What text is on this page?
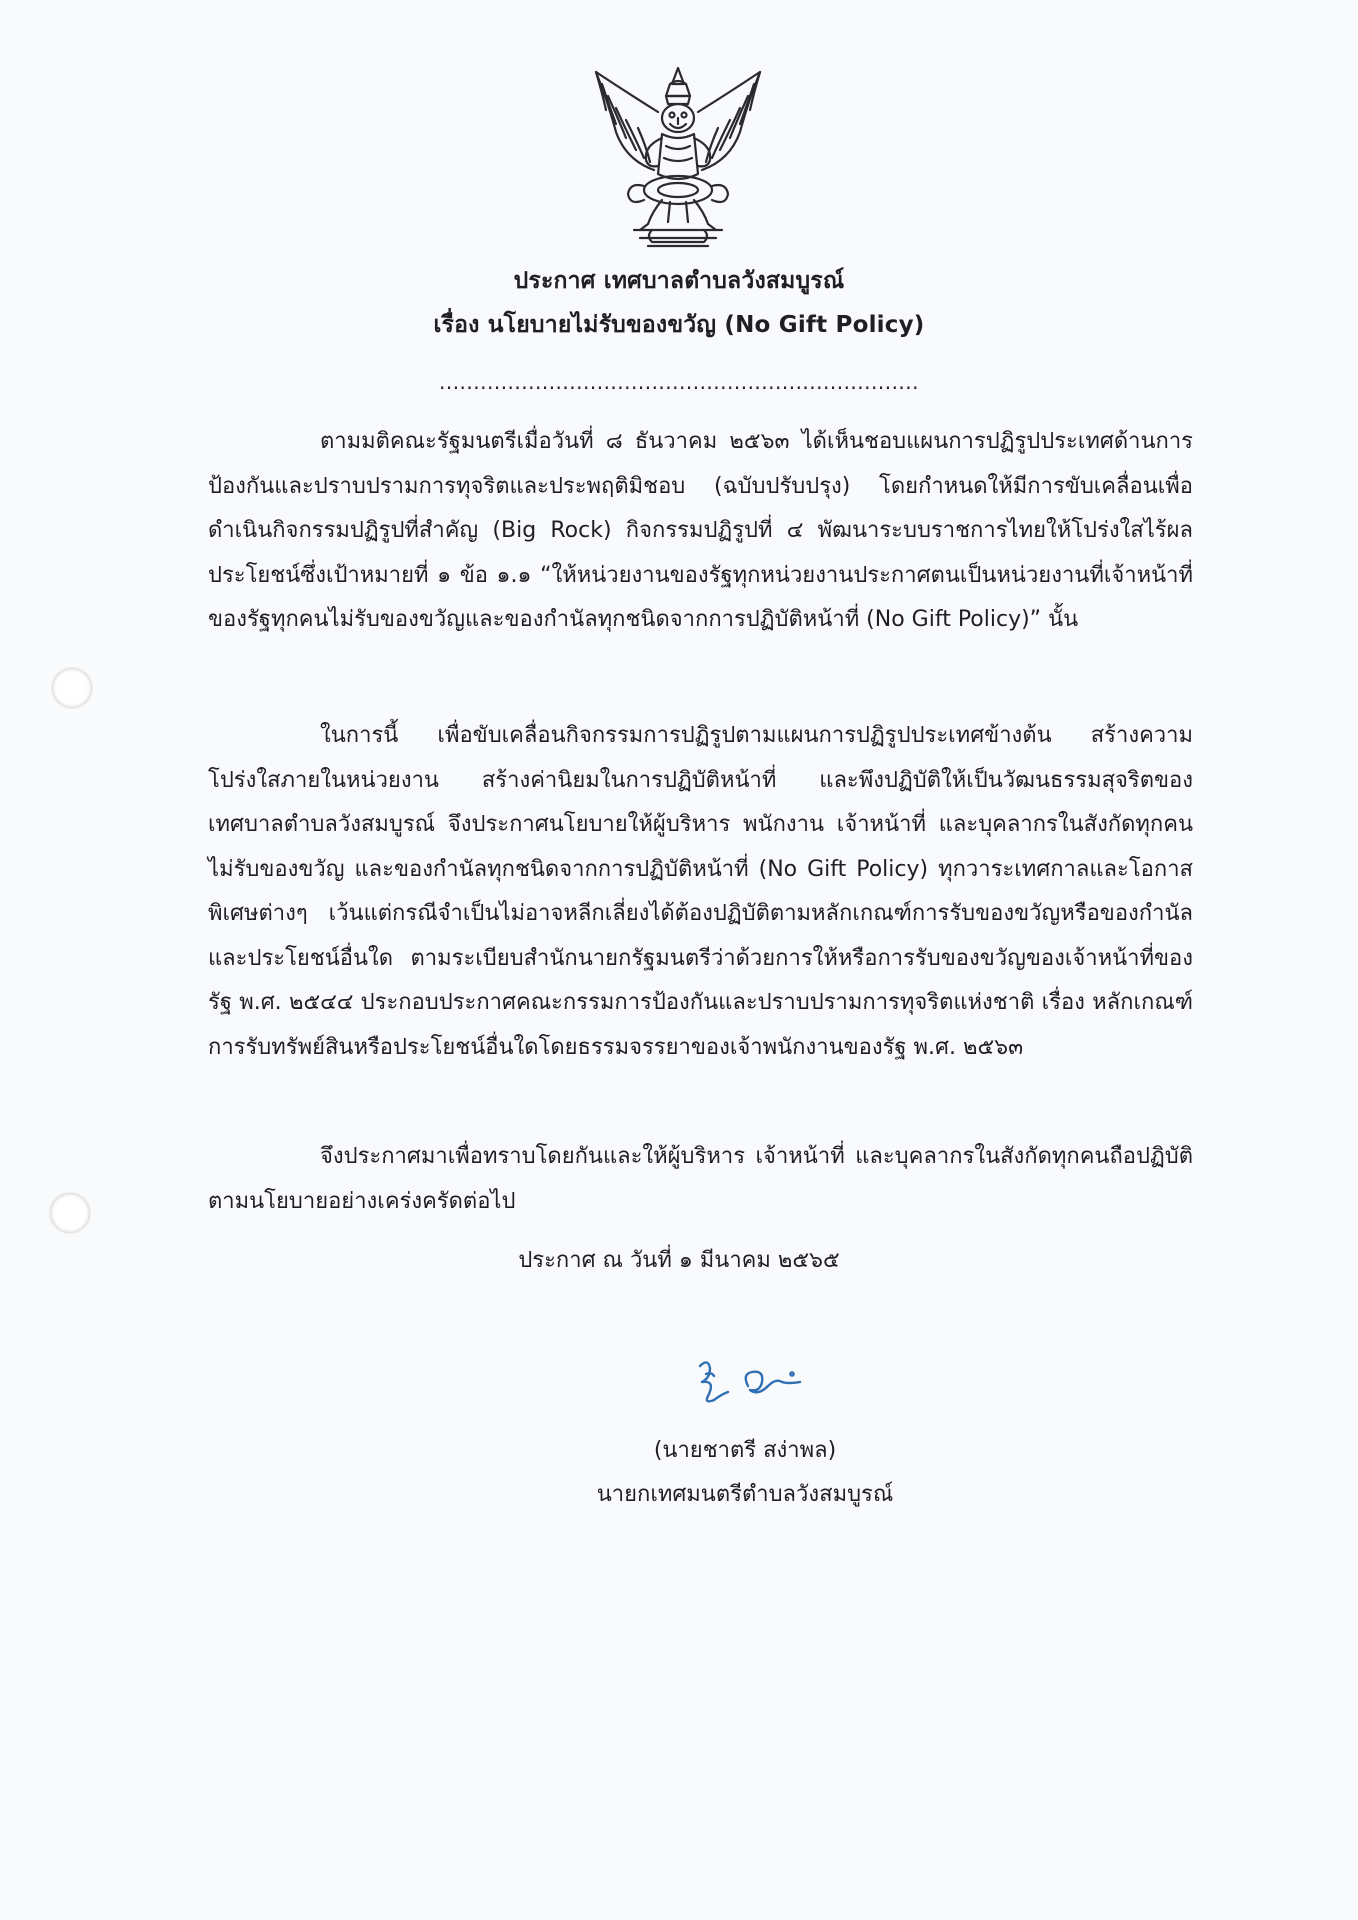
ประกาศ เทศบาลตำบลวังสมบูรณ์
เรื่อง นโยบายไม่รับของขวัญ (No Gift Policy)
......................................................................

ตามมติคณะรัฐมนตรีเมื่อวันที่ ๘ ธันวาคม ๒๕๖๓ ได้เห็นชอบแผนการปฏิรูปประเทศด้านการป้องกันและปราบปรามการทุจริตและประพฤติมิชอบ (ฉบับปรับปรุง) โดยกำหนดให้มีการขับเคลื่อนเพื่อดำเนินกิจกรรมปฏิรูปที่สำคัญ (Big Rock) กิจกรรมปฏิรูปที่ ๔ พัฒนาระบบราชการไทยให้โปร่งใสไร้ผลประโยชน์ซึ่งเป้าหมายที่ ๑ ข้อ ๑.๑ “ให้หน่วยงานของรัฐทุกหน่วยงานประกาศตนเป็นหน่วยงานที่เจ้าหน้าที่ของรัฐทุกคนไม่รับของขวัญและของกำนัลทุกชนิดจากการปฏิบัติหน้าที่ (No Gift Policy)” นั้น

ในการนี้ เพื่อขับเคลื่อนกิจกรรมการปฏิรูปตามแผนการปฏิรูปประเทศข้างต้น สร้างความโปร่งใสภายในหน่วยงาน สร้างค่านิยมในการปฏิบัติหน้าที่ และพึงปฏิบัติให้เป็นวัฒนธรรมสุจริตของเทศบาลตำบลวังสมบูรณ์ จึงประกาศนโยบายให้ผู้บริหาร พนักงาน เจ้าหน้าที่ และบุคลากรในสังกัดทุกคนไม่รับของขวัญ และของกำนัลทุกชนิดจากการปฏิบัติหน้าที่ (No Gift Policy) ทุกวาระเทศกาลและโอกาสพิเศษต่างๆ เว้นแต่กรณีจำเป็นไม่อาจหลีกเลี่ยงได้ต้องปฏิบัติตามหลักเกณฑ์การรับของขวัญหรือของกำนัลและประโยชน์อื่นใด ตามระเบียบสำนักนายกรัฐมนตรีว่าด้วยการให้หรือการรับของขวัญของเจ้าหน้าที่ของรัฐ พ.ศ. ๒๕๔๔ ประกอบประกาศคณะกรรมการป้องกันและปราบปรามการทุจริตแห่งชาติ เรื่อง หลักเกณฑ์การรับทรัพย์สินหรือประโยชน์อื่นใดโดยธรรมจรรยาของเจ้าพนักงานของรัฐ พ.ศ. ๒๕๖๓

จึงประกาศมาเพื่อทราบโดยกันและให้ผู้บริหาร เจ้าหน้าที่ และบุคลากรในสังกัดทุกคนถือปฏิบัติตามนโยบายอย่างเคร่งครัดต่อไป

ประกาศ ณ วันที่ ๑ มีนาคม ๒๕๖๕
(นายชาตรี สง่าพล)
นายกเทศมนตรีตำบลวังสมบูรณ์
